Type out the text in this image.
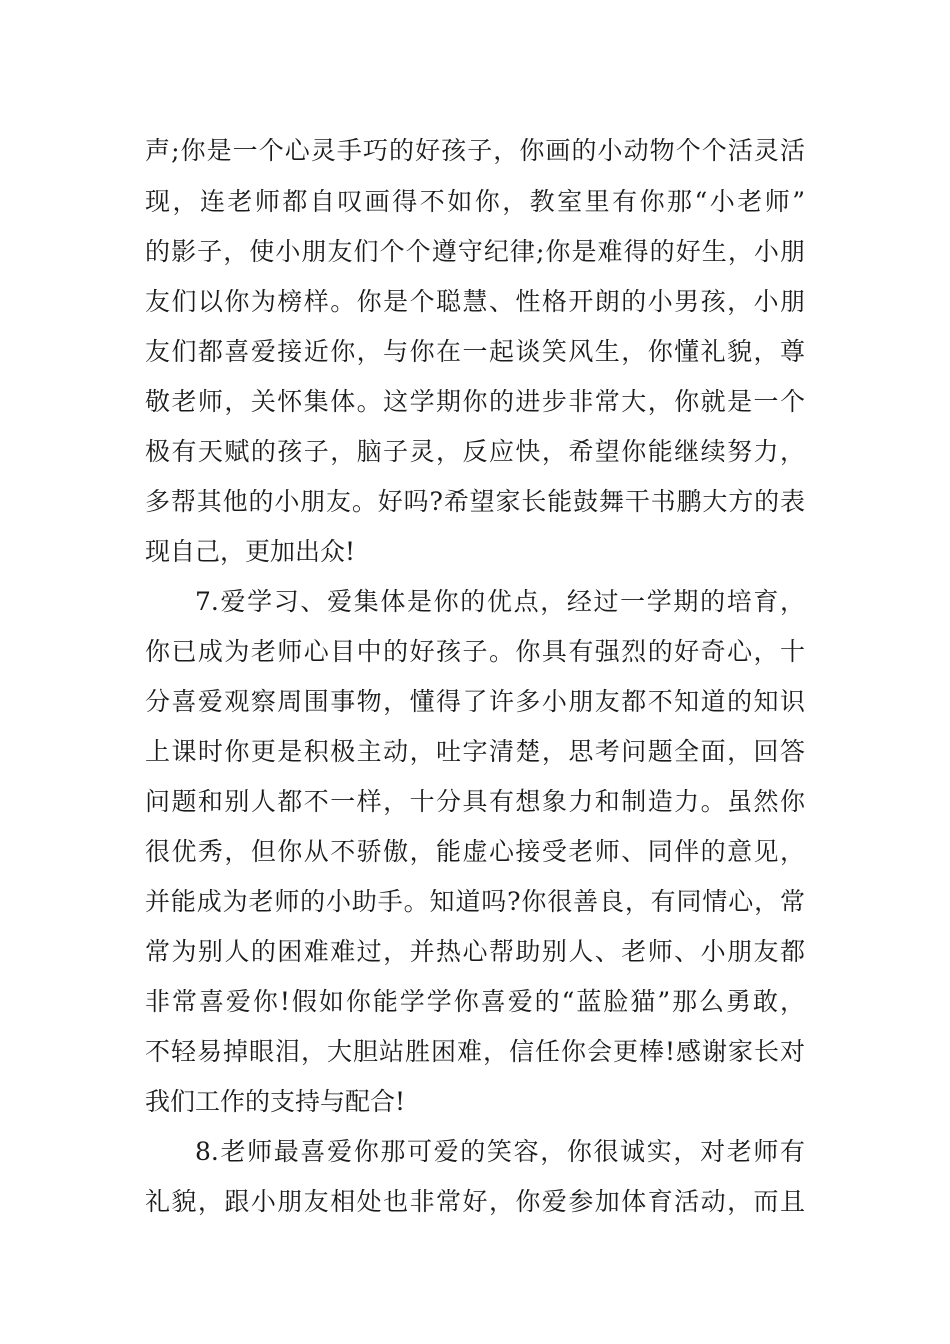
声;你是一个心灵手巧的好孩子，你画的小动物个个活灵活
现，连老师都自叹画得不如你，教室里有你那“小老师”
的影子，使小朋友们个个遵守纪律;你是难得的好生，小朋
友们以你为榜样。你是个聪慧、性格开朗的小男孩，小朋
友们都喜爱接近你，与你在一起谈笑风生，你懂礼貌，尊
敬老师，关怀集体。这学期你的进步非常大，你就是一个
极有天赋的孩子，脑子灵，反应快，希望你能继续努力，
多帮其他的小朋友。好吗?希望家长能鼓舞干书鹏大方的表
现自己，更加出众!
7.爱学习、爱集体是你的优点，经过一学期的培育，
你已成为老师心目中的好孩子。你具有强烈的好奇心，十
分喜爱观察周围事物，懂得了许多小朋友都不知道的知识
上课时你更是积极主动，吐字清楚，思考问题全面，回答
问题和别人都不一样，十分具有想象力和制造力。虽然你
很优秀，但你从不骄傲，能虚心接受老师、同伴的意见，
并能成为老师的小助手。知道吗?你很善良，有同情心，常
常为别人的困难难过，并热心帮助别人、老师、小朋友都
非常喜爱你!假如你能学学你喜爱的“蓝脸猫”那么勇敢，
不轻易掉眼泪，大胆站胜困难，信任你会更棒!感谢家长对
我们工作的支持与配合!
8.老师最喜爱你那可爱的笑容，你很诚实，对老师有
礼貌，跟小朋友相处也非常好，你爱参加体育活动，而且
